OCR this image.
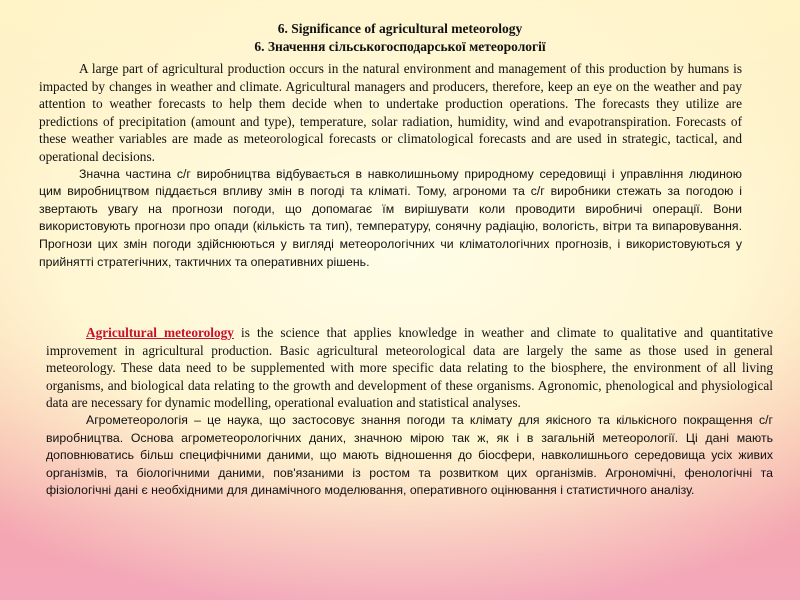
6. Significance of agricultural meteorology
6. Значення сільськогосподарської метеорології

A large part of agricultural production occurs in the natural environment and management of this production by humans is impacted by changes in weather and climate. Agricultural managers and producers, therefore, keep an eye on the weather and pay attention to weather forecasts to help them decide when to undertake production operations. The forecasts they utilize are predictions of precipitation (amount and type), temperature, solar radiation, humidity, wind and evapotranspiration. Forecasts of these weather variables are made as meteorological forecasts or climatological forecasts and are used in strategic, tactical, and operational decisions.

Значна частина с/г виробництва відбувається в навколишньому природному середовищі і управління людиною цим виробництвом піддається впливу змін в погоді та кліматі. Тому, агрономи та с/г виробники стежать за погодою і звертають увагу на прогнози погоди, що допомагає їм вирішувати коли проводити виробничі операції. Вони використовують прогнози про опади (кількість та тип), температуру, сонячну радіацію, вологість, вітри та випаровування. Прогнози цих змін погоди здійснюються у вигляді метеорологічних чи кліматологічних прогнозів, і використовуються у прийнятті стратегічних, тактичних та оперативних рішень.

Agricultural meteorology is the science that applies knowledge in weather and climate to qualitative and quantitative improvement in agricultural production. Basic agricultural meteorological data are largely the same as those used in general meteorology. These data need to be supplemented with more specific data relating to the biosphere, the environment of all living organisms, and biological data relating to the growth and development of these organisms. Agronomic, phenological and physiological data are necessary for dynamic modelling, operational evaluation and statistical analyses.

Агрометеорологія – це наука, що застосовує знання погоди та клімату для якісного та кількісного покращення с/г виробництва. Основа агрометеорологічних даних, значною мірою так ж, як і в загальній метеорології. Ці дані мають доповнюватись більш специфічними даними, що мають відношення до біосфери, навколишнього середовища усіх живих організмів, та біологічними даними, пов'язаними із ростом та розвитком цих організмів. Агрономічні, фенологічні та фізіологічні дані є необхідними для динамічного моделювання, оперативного оцінювання і статистичного аналізу.
